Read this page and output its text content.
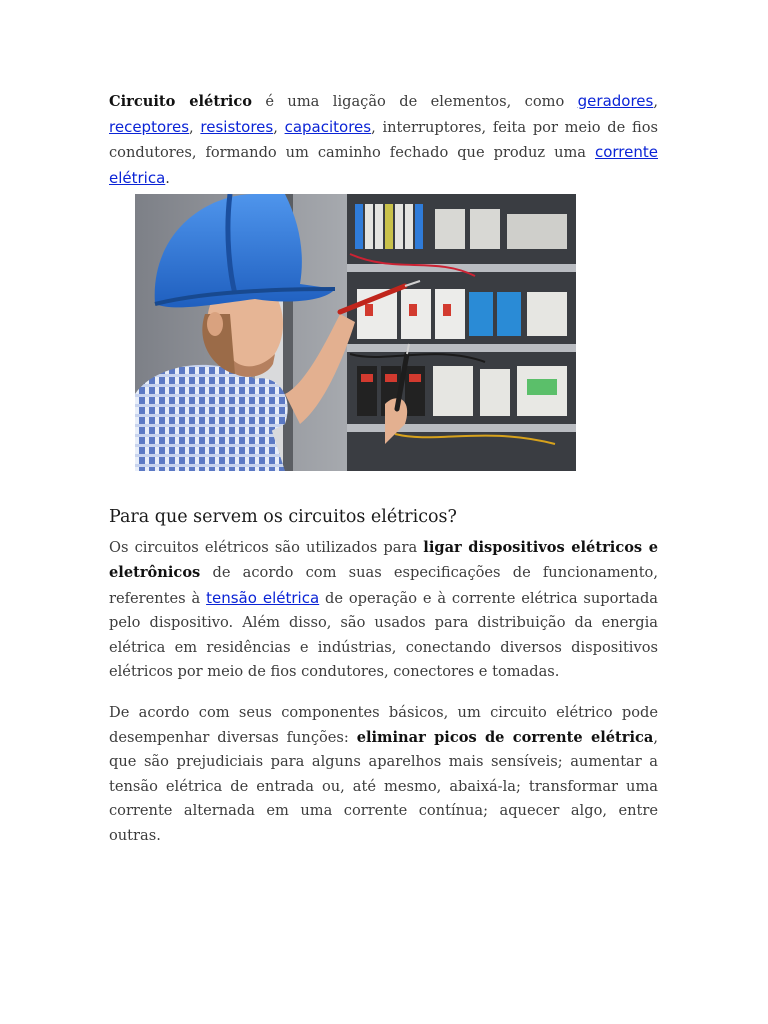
Circuito elétrico é uma ligação de elementos, como geradores, receptores, resistores, capacitores, interruptores, feita por meio de fios condutores, formando um caminho fechado que produz uma corrente elétrica.

Para que servem os circuitos elétricos?

Os circuitos elétricos são utilizados para ligar dispositivos elétricos e eletrônicos de acordo com suas especificações de funcionamento, referentes à tensão elétrica de operação e à corrente elétrica suportada pelo dispositivo. Além disso, são usados para distribuição da energia elétrica em residências e indústrias, conectando diversos dispositivos elétricos por meio de fios condutores, conectores e tomadas.

De acordo com seus componentes básicos, um circuito elétrico pode desempenhar diversas funções: eliminar picos de corrente elétrica, que são prejudiciais para alguns aparelhos mais sensíveis; aumentar a tensão elétrica de entrada ou, até mesmo, abaixá-la; transformar uma corrente alternada em uma corrente contínua; aquecer algo, entre outras.
